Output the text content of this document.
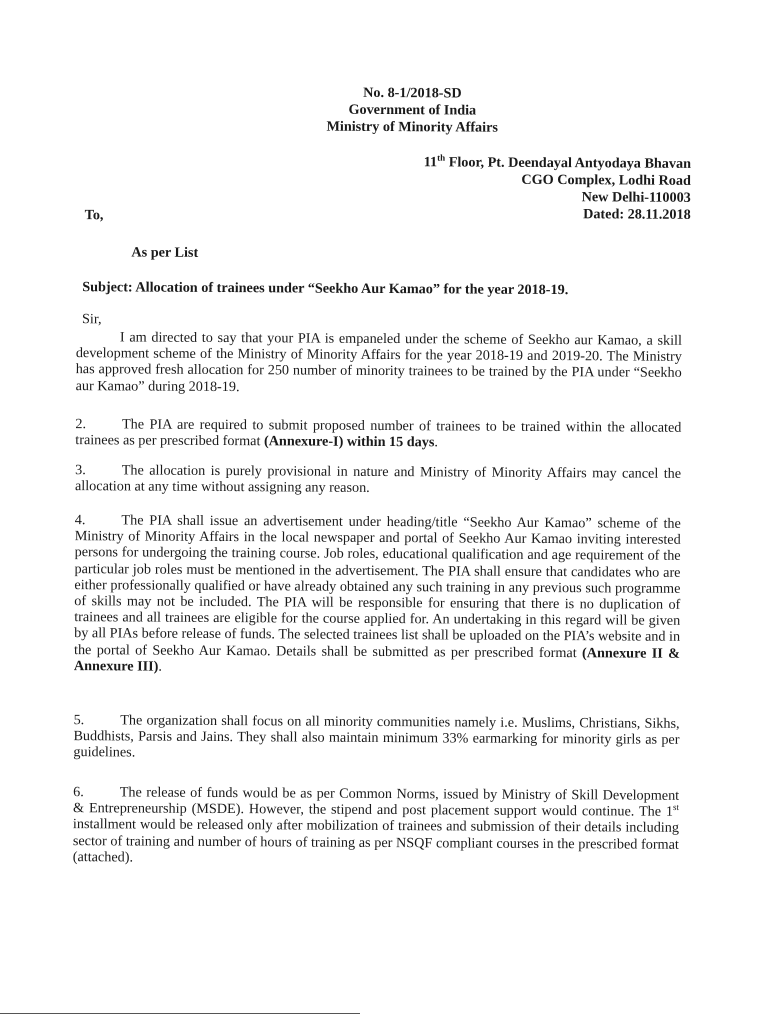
No. 8-1/2018-SD
Government of India
Ministry of Minority Affairs
11th Floor, Pt. Deendayal Antyodaya Bhavan
CGO Complex, Lodhi Road
New Delhi-110003
Dated: 28.11.2018
To,
As per List
Subject: Allocation of trainees under “Seekho Aur Kamao” for the year 2018-19.
Sir,

I am directed to say that your PIA is empaneled under the scheme of Seekho aur Kamao, a skill development scheme of the Ministry of Minority Affairs for the year 2018-19 and 2019-20. The Ministry has approved fresh allocation for 250 number of minority trainees to be trained by the PIA under “Seekho aur Kamao” during 2018-19.

2.	The PIA are required to submit proposed number of trainees to be trained within the allocated trainees as per prescribed format (Annexure-I) within 15 days.

3.	The allocation is purely provisional in nature and Ministry of Minority Affairs may cancel the allocation at any time without assigning any reason.

4.	The PIA shall issue an advertisement under heading/title “Seekho Aur Kamao” scheme of the Ministry of Minority Affairs in the local newspaper and portal of Seekho Aur Kamao inviting interested persons for undergoing the training course. Job roles, educational qualification and age requirement of the particular job roles must be mentioned in the advertisement. The PIA shall ensure that candidates who are either professionally qualified or have already obtained any such training in any previous such programme of skills may not be included. The PIA will be responsible for ensuring that there is no duplication of trainees and all trainees are eligible for the course applied for. An undertaking in this regard will be given by all PIAs before release of funds. The selected trainees list shall be uploaded on the PIA’s website and in the portal of Seekho Aur Kamao. Details shall be submitted as per prescribed format (Annexure II & Annexure III).

5.	The organization shall focus on all minority communities namely i.e. Muslims, Christians, Sikhs, Buddhists, Parsis and Jains. They shall also maintain minimum 33% earmarking for minority girls as per guidelines.

6.	The release of funds would be as per Common Norms, issued by Ministry of Skill Development & Entrepreneurship (MSDE). However, the stipend and post placement support would continue. The 1st installment would be released only after mobilization of trainees and submission of their details including sector of training and number of hours of training as per NSQF compliant courses in the prescribed format (attached).
